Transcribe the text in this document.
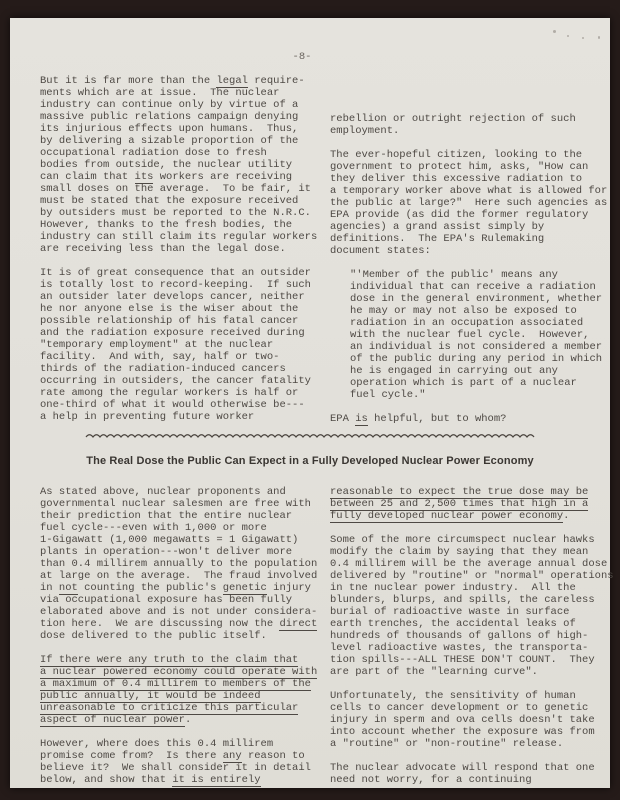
-8-
But it is far more than the legal require-
ments which are at issue.  The nuclear
industry can continue only by virtue of a
massive public relations campaign denying
its injurious effects upon humans.  Thus,
by delivering a sizable proportion of the
occupational radiation dose to fresh
bodies from outside, the nuclear utility
can claim that its workers are receiving
small doses on the average.  To be fair, it
must be stated that the exposure received
by outsiders must be reported to the N.R.C.
However, thanks to the fresh bodies, the
industry can still claim its regular workers
are receiving less than the legal dose.
It is of great consequence that an outsider
is totally lost to record-keeping.  If such
an outsider later develops cancer, neither
he nor anyone else is the wiser about the
possible relationship of his fatal cancer
and the radiation exposure received during
"temporary employment" at the nuclear
facility.  And with, say, half or two-
thirds of the radiation-induced cancers
occurring in outsiders, the cancer fatality
rate among the regular workers is half or
one-third of what it would otherwise be---
a help in preventing future worker
rebellion or outright rejection of such
employment.
The ever-hopeful citizen, looking to the
government to protect him, asks, "How can
they deliver this excessive radiation to
a temporary worker above what is allowed for
the public at large?"  Here such agencies as
EPA provide (as did the former regulatory
agencies) a grand assist simply by
definitions.  The EPA's Rulemaking
document states:
"'Member of the public' means any
individual that can receive a radiation
dose in the general environment, whether
he may or may not also be exposed to
radiation in an occupation associated
with the nuclear fuel cycle.  However,
an individual is not considered a member
of the public during any period in which
he is engaged in carrying out any
operation which is part of a nuclear
fuel cycle."
EPA is helpful, but to whom?
The Real Dose the Public Can Expect in a Fully Developed Nuclear Power Economy
As stated above, nuclear proponents and
governmental nuclear salesmen are free with
their prediction that the entire nuclear
fuel cycle---even with 1,000 or more
1-Gigawatt (1,000 megawatts = 1 Gigawatt)
plants in operation---won't deliver more
than 0.4 millirem annually to the population
at large on the average.  The fraud involved
in not counting the public's genetic injury
via occupational exposure has been fully
elaborated above and is not under considera-
tion here.  We are discussing now the direct
dose delivered to the public itself.
If there were any truth to the claim that
a nuclear powered economy could operate with
a maximum of 0.4 millirem to members of the
public annually, it would be indeed
unreasonable to criticize this particular
aspect of nuclear power.
However, where does this 0.4 millirem
promise come from?  Is there any reason to
believe it?  We shall consider it in detail
below, and show that it is entirely
reasonable to expect the true dose may be
between 25 and 2,500 times that high in a
fully developed nuclear power economy.
Some of the more circumspect nuclear hawks
modify the claim by saying that they mean
0.4 millirem will be the average annual dose
delivered by "routine" or "normal" operations
in tne nuclear power industry.  All the
blunders, blurps, and spills, the careless
burial of radioactive waste in surface
earth trenches, the accidental leaks of
hundreds of thousands of gallons of high-
level radioactive wastes, the transporta-
tion spills---ALL THESE DON'T COUNT.  They
are part of the "learning curve".
Unfortunately, the sensitivity of human
cells to cancer development or to genetic
injury in sperm and ova cells doesn't take
into account whether the exposure was from
a "routine" or "non-routine" release.
The nuclear advocate will respond that one
need not worry, for a continuing
